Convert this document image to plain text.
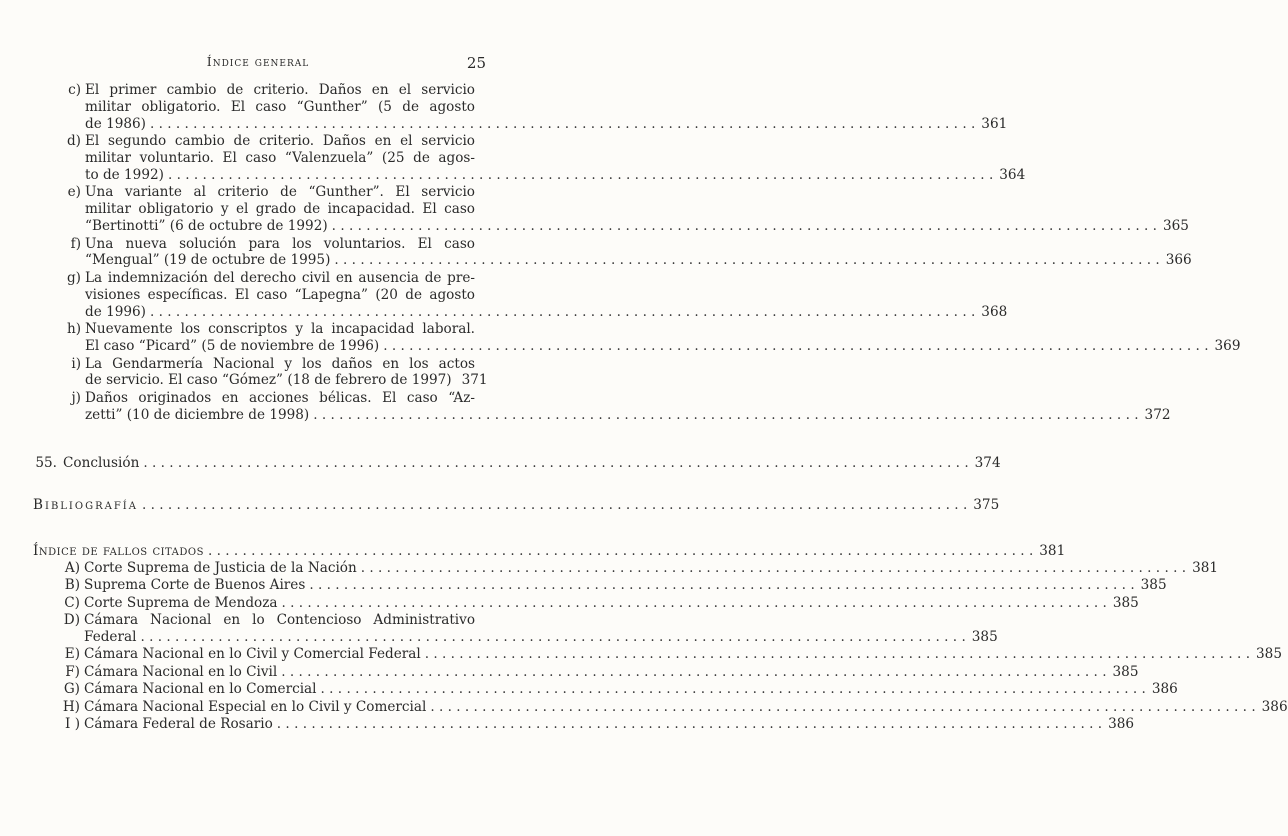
Índice general	25
c) El primer cambio de criterio. Daños en el servicio
militar obligatorio. El caso “Gunther” (5 de agosto
de 1986) . . .	361
d) El segundo cambio de criterio. Daños en el servicio
militar voluntario. El caso “Valenzuela” (25 de agos-
to de 1992) . . .	364
e) Una variante al criterio de “Gunther”. El servicio
militar obligatorio y el grado de incapacidad. El caso
“Bertinotti” (6 de octubre de 1992) . . .	365
f) Una nueva solución para los voluntarios. El caso
“Mengual” (19 de octubre de 1995) . . .	366
g) La indemnización del derecho civil en ausencia de pre-
visiones específicas. El caso “Lapegna” (20 de agosto
de 1996) . . .	368
h) Nuevamente los conscriptos y la incapacidad laboral.
El caso “Picard” (5 de noviembre de 1996) . . .	369
i) La Gendarmería Nacional y los daños en los actos
de servicio. El caso “Gómez” (18 de febrero de 1997) 371
j) Daños originados en acciones bélicas. El caso “Az-
zetti” (10 de diciembre de 1998) . . .	372
55. Conclusión . . .	374
Bibliografía . . .	375
Índice de fallos citados . . .	381
A) Corte Suprema de Justicia de la Nación . . .	381
B) Suprema Corte de Buenos Aires . . .	385
C) Corte Suprema de Mendoza . . .	385
D) Cámara Nacional en lo Contencioso Administrativo
Federal . . .	385
E) Cámara Nacional en lo Civil y Comercial Federal . . .	385
F) Cámara Nacional en lo Civil . . .	385
G) Cámara Nacional en lo Comercial . . .	386
H) Cámara Nacional Especial en lo Civil y Comercial . . .	386
I ) Cámara Federal de Rosario . . .	386
